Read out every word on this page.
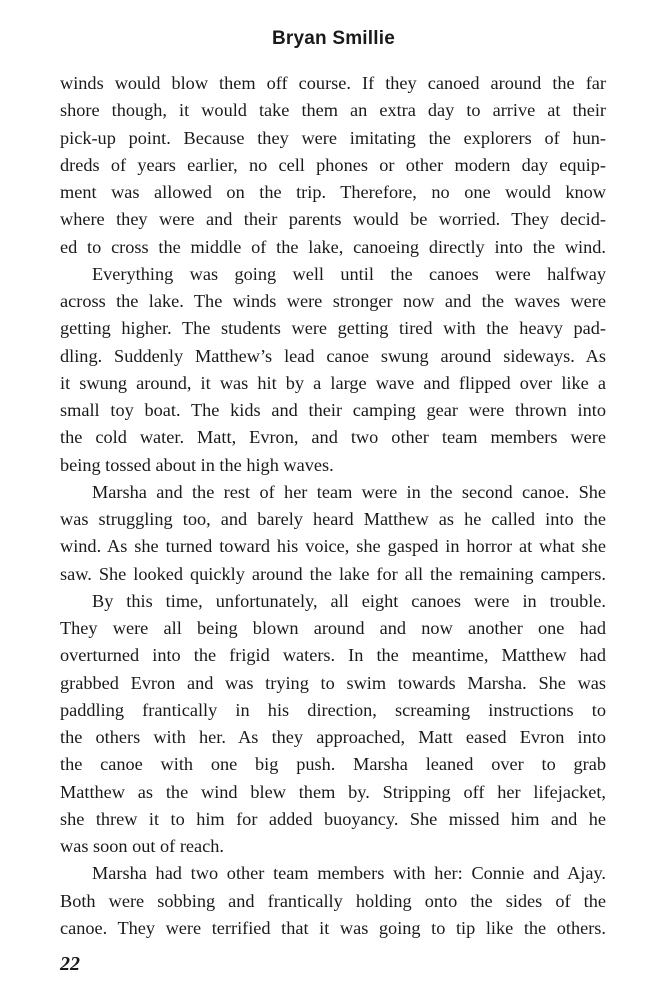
Bryan Smillie

winds would blow them off course. If they canoed around the far
shore though, it would take them an extra day to arrive at their
pick-up point. Because they were imitating the explorers of hun-
dreds of years earlier, no cell phones or other modern day equip-
ment was allowed on the trip. Therefore, no one would know
where they were and their parents would be worried. They decid-
ed to cross the middle of the lake, canoeing directly into the wind.

Everything was going well until the canoes were halfway
across the lake. The winds were stronger now and the waves were
getting higher. The students were getting tired with the heavy pad-
dling. Suddenly Matthew’s lead canoe swung around sideways. As
it swung around, it was hit by a large wave and flipped over like a
small toy boat. The kids and their camping gear were thrown into
the cold water. Matt, Evron, and two other team members were
being tossed about in the high waves.

Marsha and the rest of her team were in the second canoe. She
was struggling too, and barely heard Matthew as he called into the
wind. As she turned toward his voice, she gasped in horror at what she
saw. She looked quickly around the lake for all the remaining campers.

By this time, unfortunately, all eight canoes were in trouble.
They were all being blown around and now another one had
overturned into the frigid waters. In the meantime, Matthew had
grabbed Evron and was trying to swim towards Marsha. She was
paddling frantically in his direction, screaming instructions to
the others with her. As they approached, Matt eased Evron into
the canoe with one big push. Marsha leaned over to grab
Matthew as the wind blew them by. Stripping off her lifejacket,
she threw it to him for added buoyancy. She missed him and he
was soon out of reach.

Marsha had two other team members with her: Connie and Ajay.
Both were sobbing and frantically holding onto the sides of the
canoe. They were terrified that it was going to tip like the others.

22
